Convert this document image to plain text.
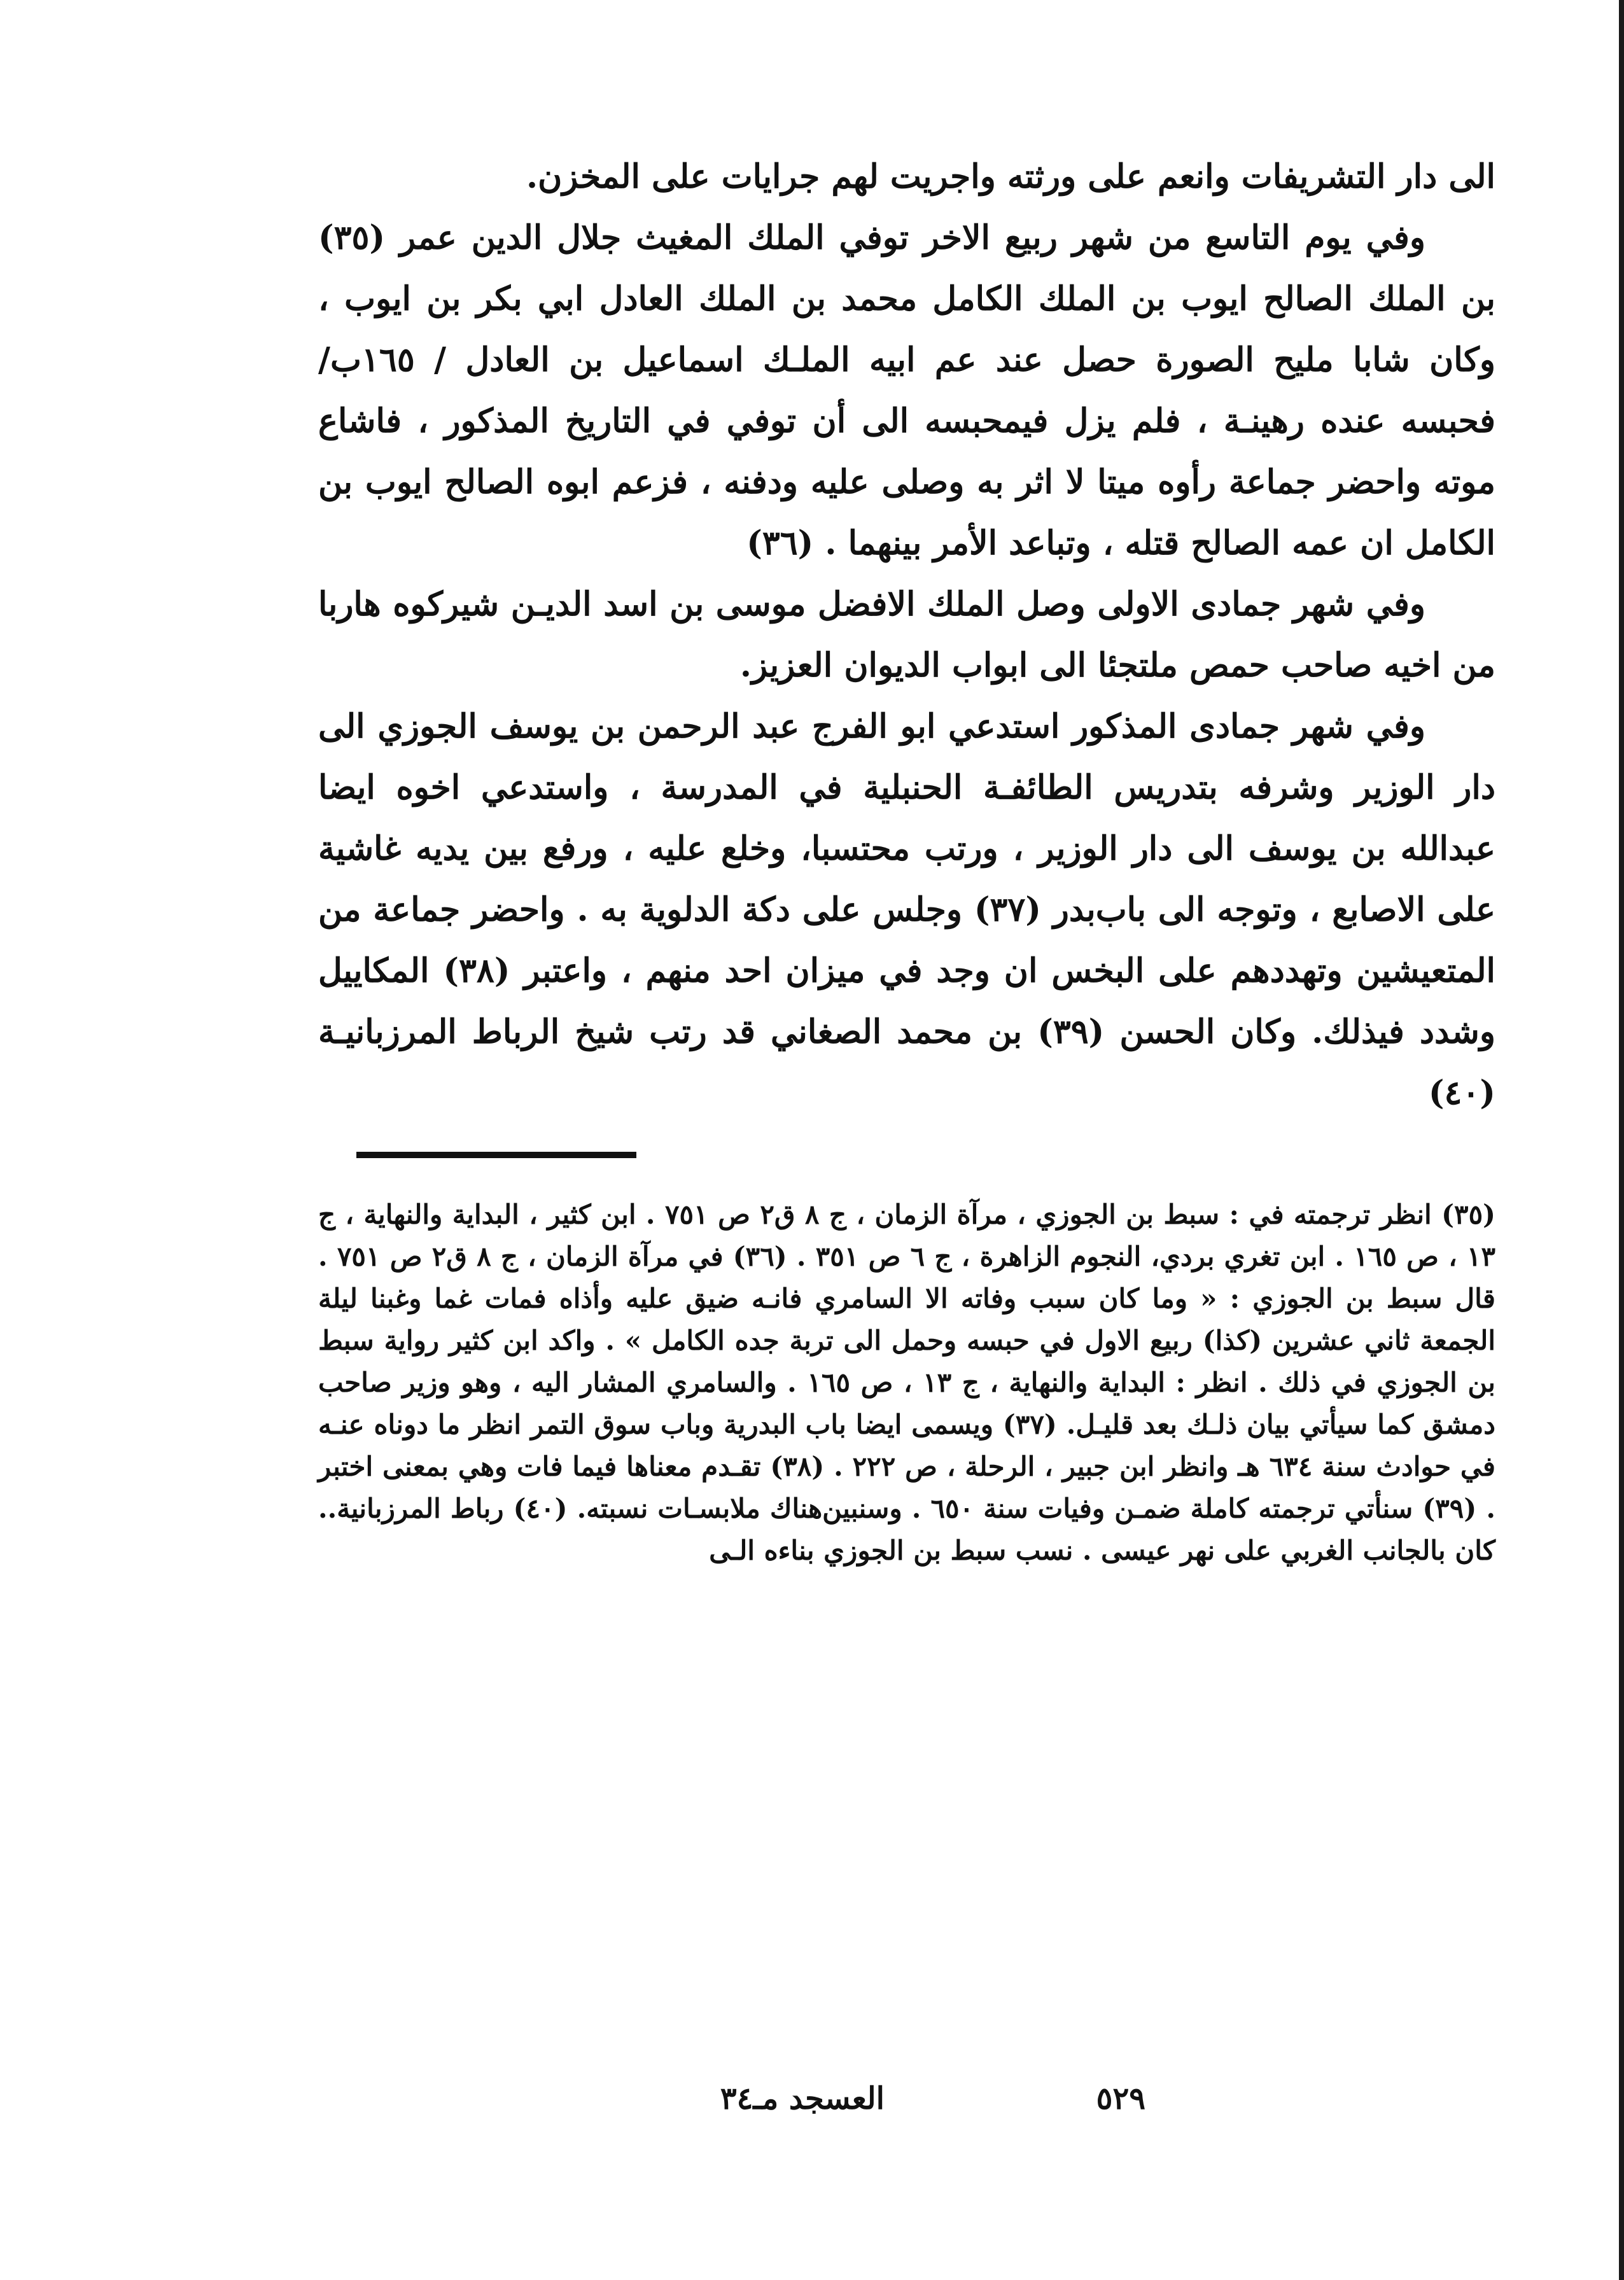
الى دار التشريفات وانعم على ورثته واجريت لهم جرايات على المخزن.

وفي يوم التاسع من شهر ربيع الاخر توفي الملك المغيث جلال الدين عمر (٣٥) بن الملك الصالح ايوب بن الملك الكامل محمد بن الملك العادل ابي بكر بن ايوب ، وكان شابا مليح الصورة حصل عند عم ابيه الملـك اسماعيل بن العادل / ١٦٥ب/ فحبسه عنده رهينـة ، فلم يزل فيمحبسه الى أن توفي في التاريخ المذكور ، فاشاع موته واحضر جماعة رأوه ميتا لا اثر به وصلى عليه ودفنه ، فزعم ابوه الصالح ايوب بن الكامل ان عمه الصالح قتله ، وتباعد الأمر بينهما . (٣٦)

وفي شهر جمادى الاولى وصل الملك الافضل موسى بن اسد الديـن شيركوه هاربا من اخيه صاحب حمص ملتجئا الى ابواب الديوان العزيز.

وفي شهر جمادى المذكور استدعي ابو الفرج عبد الرحمن بن يوسف الجوزي الى دار الوزير وشرفه بتدريس الطائفـة الحنبلية في المدرسة ، واستدعي اخوه ايضا عبدالله بن يوسف الى دار الوزير ، ورتب محتسبا، وخلع عليه ، ورفع بين يديه غاشية على الاصابع ، وتوجه الى باب‌بدر (٣٧) وجلس على دكة الدلوية به . واحضر جماعة من المتعيشين وتهددهم على البخس ان وجد في ميزان احد منهم ، واعتبر (٣٨) المكاييل وشدد فيذلك. وكان الحسن (٣٩) بن محمد الصغاني قد رتب شيخ الرباط المرزبانيـة (٤٠)

(٣٥) انظر ترجمته في : سبط بن الجوزي ، مرآة الزمان ، ج ٨ ق٢ ص ٧٥١ . ابن كثير ، البداية والنهاية ، ج ١٣ ، ص ١٦٥ . ابن تغري بردي، النجوم الزاهرة ، ج ٦ ص ٣٥١ . (٣٦) في مرآة الزمان ، ج ٨ ق٢ ص ٧٥١ . قال سبط بن الجوزي : « وما كان سبب وفاته الا السامري فانـه ضيق عليه وأذاه فمات غما وغبنا ليلة الجمعة ثاني عشرين (كذا) ربيع الاول في حبسه وحمل الى تربة جده الكامل » . واكد ابن كثير رواية سبط بن الجوزي في ذلك . انظر : البداية والنهاية ، ج ١٣ ، ص ١٦٥ . والسامري المشار اليه ، وهو وزير صاحب دمشق كما سيأتي بيان ذلـك بعد قليـل. (٣٧) ويسمى ايضا باب البدرية وباب سوق التمر انظر ما دوناه عنـه في حوادث سنة ٦٣٤ هـ وانظر ابن جبير ، الرحلة ، ص ٢٢٢ . (٣٨) تقـدم معناها فيما فات وهي بمعنى اختبر . (٣٩) سنأتي ترجمته كاملة ضمـن وفيات سنة ٦٥٠ . وسنبين‌هناك ملابسـات نسبته. (٤٠) رباط المرزبانية.. كان بالجانب الغربي على نهر عيسى . نسب سبط بن الجوزي بناءه الـى

العسجد م‍ـ٣٤	٥٢٩
